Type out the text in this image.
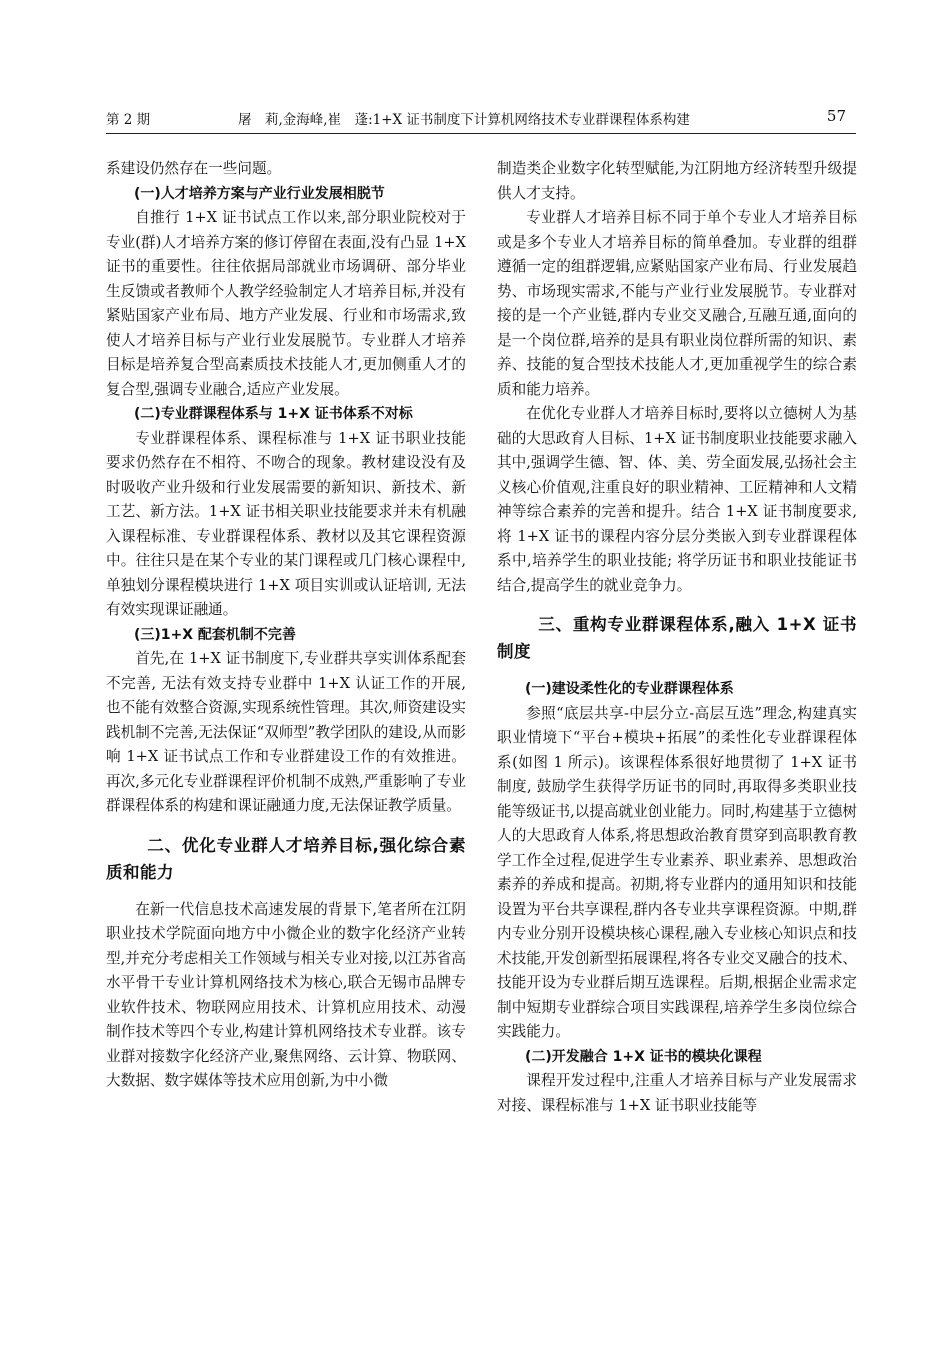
第 2 期	屠　莉,金海峰,崔　蓬:1+X 证书制度下计算机网络技术专业群课程体系构建	57

系建设仍然存在一些问题。

(一)人才培养方案与产业行业发展相脱节

自推行 1+X 证书试点工作以来,部分职业院校对于专业(群)人才培养方案的修订停留在表面,没有凸显 1+X 证书的重要性。往往依据局部就业市场调研、部分毕业生反馈或者教师个人教学经验制定人才培养目标,并没有紧贴国家产业布局、地方产业发展、行业和市场需求,致使人才培养目标与产业行业发展脱节。专业群人才培养目标是培养复合型高素质技术技能人才,更加侧重人才的复合型,强调专业融合,适应产业发展。

(二)专业群课程体系与 1+X 证书体系不对标

专业群课程体系、课程标准与 1+X 证书职业技能要求仍然存在不相符、不吻合的现象。教材建设没有及时吸收产业升级和行业发展需要的新知识、新技术、新工艺、新方法。1+X 证书相关职业技能要求并未有机融入课程标准、专业群课程体系、教材以及其它课程资源中。往往只是在某个专业的某门课程或几门核心课程中,单独划分课程模块进行 1+X 项目实训或认证培训, 无法有效实现课证融通。

(三)1+X 配套机制不完善

首先,在 1+X 证书制度下,专业群共享实训体系配套不完善, 无法有效支持专业群中 1+X 认证工作的开展,也不能有效整合资源,实现系统性管理。其次,师资建设实践机制不完善,无法保证“双师型”教学团队的建设,从而影响 1+X 证书试点工作和专业群建设工作的有效推进。再次,多元化专业群课程评价机制不成熟,严重影响了专业群课程体系的构建和课证融通力度,无法保证教学质量。

二、优化专业群人才培养目标,强化综合素质和能力

在新一代信息技术高速发展的背景下,笔者所在江阴职业技术学院面向地方中小微企业的数字化经济产业转型,并充分考虑相关工作领域与相关专业对接,以江苏省高水平骨干专业计算机网络技术为核心,联合无锡市品牌专业软件技术、物联网应用技术、计算机应用技术、动漫制作技术等四个专业,构建计算机网络技术专业群。该专业群对接数字化经济产业,聚焦网络、云计算、物联网、大数据、数字媒体等技术应用创新,为中小微

制造类企业数字化转型赋能,为江阴地方经济转型升级提供人才支持。

专业群人才培养目标不同于单个专业人才培养目标或是多个专业人才培养目标的简单叠加。专业群的组群遵循一定的组群逻辑,应紧贴国家产业布局、行业发展趋势、市场现实需求,不能与产业行业发展脱节。专业群对接的是一个产业链,群内专业交叉融合,互融互通,面向的是一个岗位群,培养的是具有职业岗位群所需的知识、素养、技能的复合型技术技能人才,更加重视学生的综合素质和能力培养。

在优化专业群人才培养目标时,要将以立德树人为基础的大思政育人目标、1+X 证书制度职业技能要求融入其中,强调学生德、智、体、美、劳全面发展,弘扬社会主义核心价值观,注重良好的职业精神、工匠精神和人文精神等综合素养的完善和提升。结合 1+X 证书制度要求,将 1+X 证书的课程内容分层分类嵌入到专业群课程体系中,培养学生的职业技能; 将学历证书和职业技能证书结合,提高学生的就业竞争力。

三、重构专业群课程体系,融入 1+X 证书制度
(一)建设柔性化的专业群课程体系

参照“底层共享-中层分立-高层互选”理念,构建真实职业情境下“平台+模块+拓展”的柔性化专业群课程体系(如图 1 所示)。该课程体系很好地贯彻了 1+X 证书制度, 鼓励学生获得学历证书的同时,再取得多类职业技能等级证书,以提高就业创业能力。同时,构建基于立德树人的大思政育人体系,将思想政治教育贯穿到高职教育教学工作全过程,促进学生专业素养、职业素养、思想政治素养的养成和提高。初期,将专业群内的通用知识和技能设置为平台共享课程,群内各专业共享课程资源。中期,群内专业分别开设模块核心课程,融入专业核心知识点和技术技能,开发创新型拓展课程,将各专业交叉融合的技术、技能开设为专业群后期互选课程。后期,根据企业需求定制中短期专业群综合项目实践课程,培养学生多岗位综合实践能力。

(二)开发融合 1+X 证书的模块化课程

课程开发过程中,注重人才培养目标与产业发展需求对接、课程标准与 1+X 证书职业技能等
